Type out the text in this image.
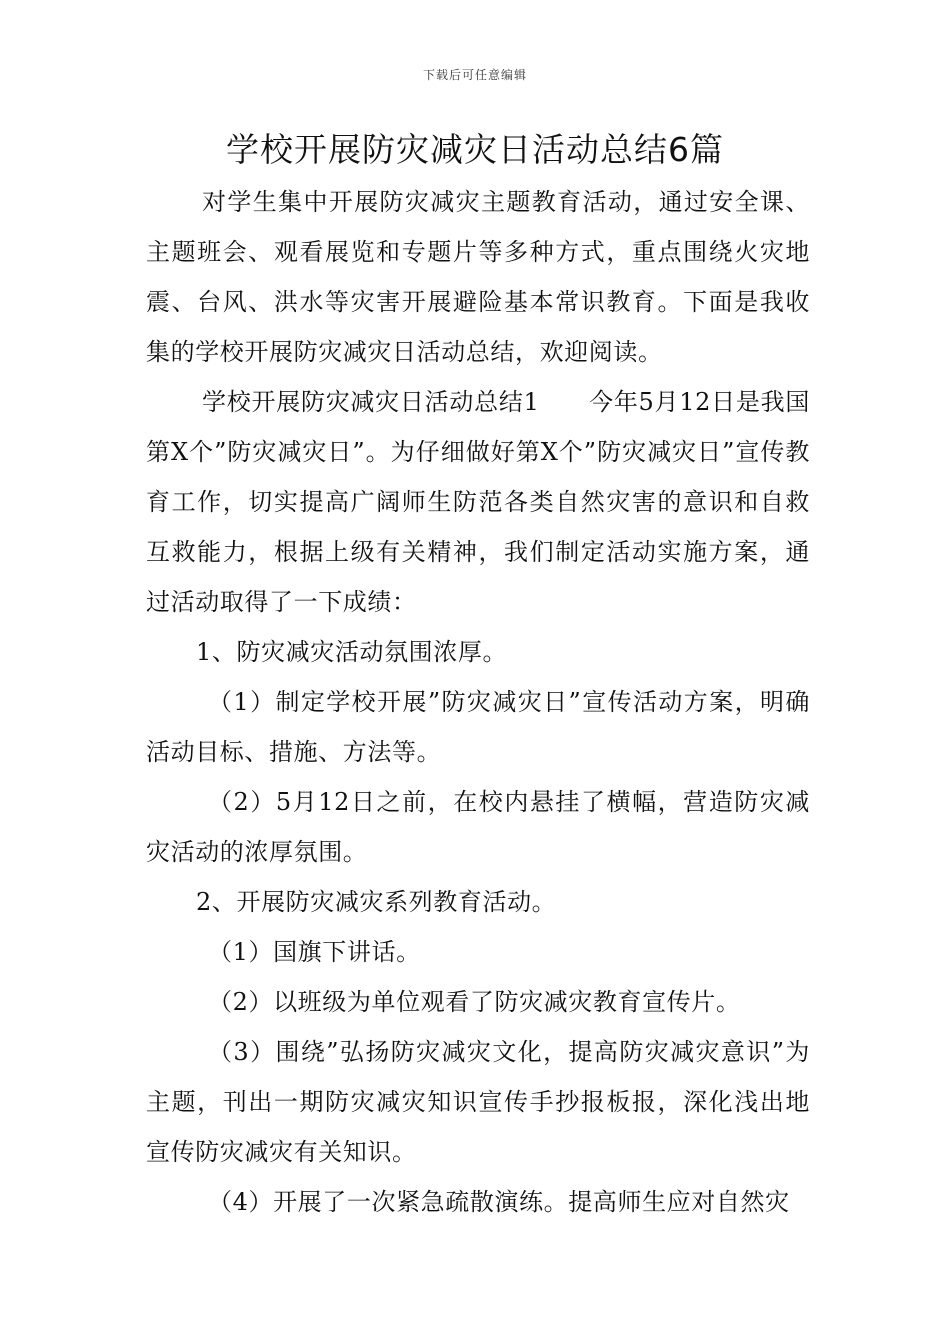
下载后可任意编辑
学校开展防灾减灾日活动总结6篇

对学生集中开展防灾减灾主题教育活动，通过安全课、主题班会、观看展览和专题片等多种方式，重点围绕火灾地震、台风、洪水等灾害开展避险基本常识教育。下面是我收集的学校开展防灾减灾日活动总结，欢迎阅读。

学校开展防灾减灾日活动总结1　　今年5月12日是我国第X个”防灾减灾日”。为仔细做好第X个”防灾减灾日”宣传教育工作，切实提高广阔师生防范各类自然灾害的意识和自救互救能力，根据上级有关精神，我们制定活动实施方案，通过活动取得了一下成绩：

1、防灾减灾活动氛围浓厚。

（1）制定学校开展”防灾减灾日”宣传活动方案，明确活动目标、措施、方法等。

（2）5月12日之前，在校内悬挂了横幅，营造防灾减灾活动的浓厚氛围。

2、开展防灾减灾系列教育活动。

（1）国旗下讲话。

（2）以班级为单位观看了防灾减灾教育宣传片。

（3）围绕”弘扬防灾减灾文化，提高防灾减灾意识”为主题，刊出一期防灾减灾知识宣传手抄报板报，深化浅出地宣传防灾减灾有关知识。

（4）开展了一次紧急疏散演练。提高师生应对自然灾
